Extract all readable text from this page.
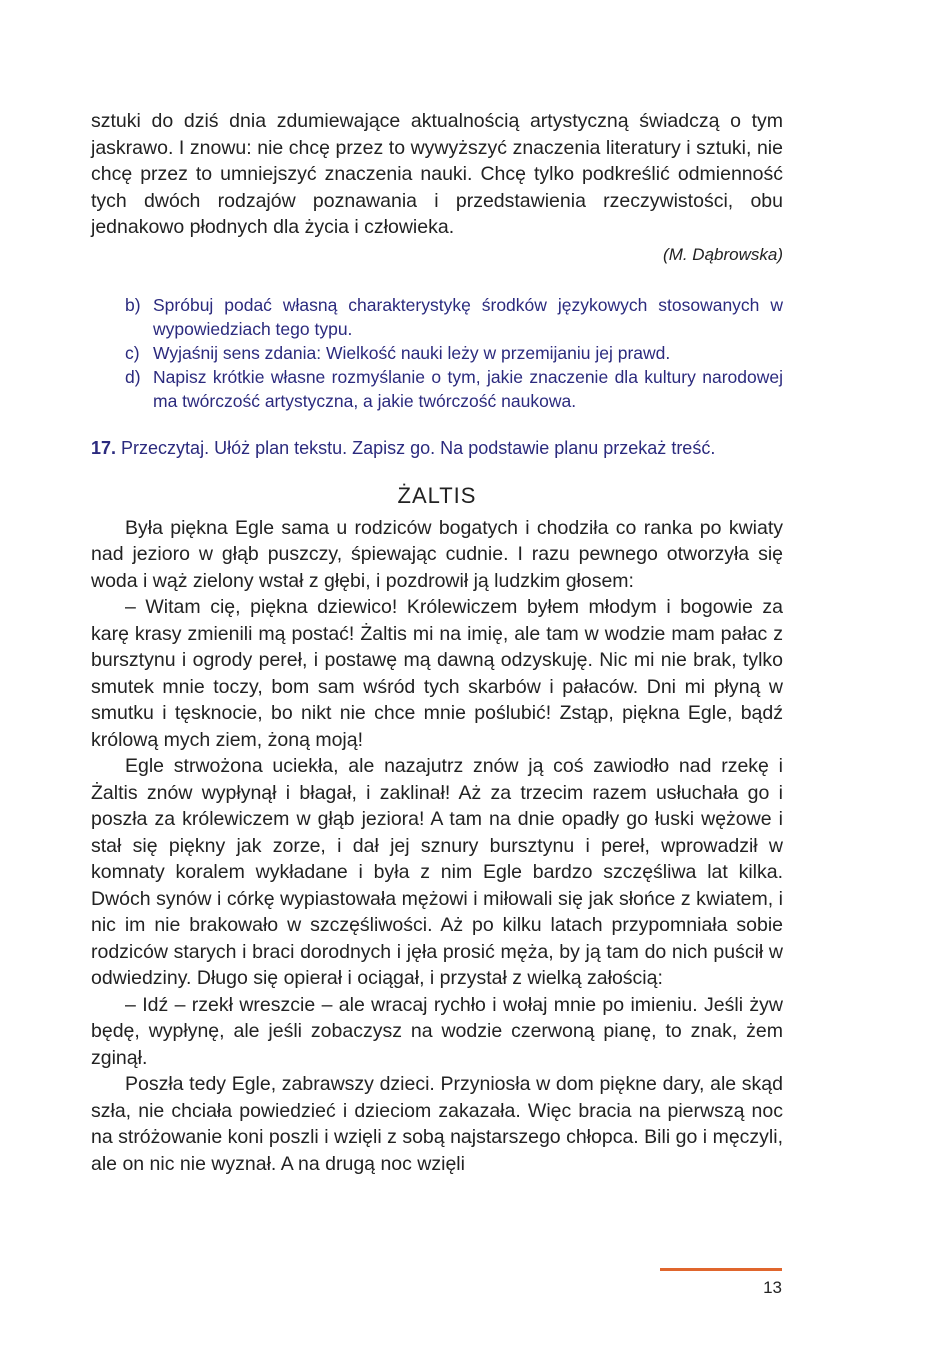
sztuki do dziś dnia zdumiewające aktualnością artystyczną świadczą o tym jaskrawo. I znowu: nie chcę przez to wywyższyć znaczenia literatury i sztuki, nie chcę przez to umniejszyć znaczenia nauki. Chcę tylko podkreślić odmienność tych dwóch rodzajów poznawania i przedstawienia rzeczywistości, obu jednakowo płodnych dla życia i człowieka.

(M. Dąbrowska)

b) Spróbuj podać własną charakterystykę środków językowych stosowanych w wypowiedziach tego typu.
c) Wyjaśnij sens zdania: Wielkość nauki leży w przemijaniu jej prawd.
d) Napisz krótkie własne rozmyślanie o tym, jakie znaczenie dla kultury narodowej ma twórczość artystyczna, a jakie twórczość naukowa.
17. Przeczytaj. Ułóż plan tekstu. Zapisz go. Na podstawie planu przekaż treść.
ŻALTIS

Była piękna Egle sama u rodziców bogatych i chodziła co ranka po kwiaty nad jezioro w głąb puszczy, śpiewając cudnie. I razu pewnego otworzyła się woda i wąż zielony wstał z głębi, i pozdrowił ją ludzkim głosem:

– Witam cię, piękna dziewico! Królewiczem byłem młodym i bogowie za karę krasy zmienili mą postać! Żaltis mi na imię, ale tam w wodzie mam pałac z bursztynu i ogrody pereł, i postawę mą dawną odzyskuję. Nic mi nie brak, tylko smutek mnie toczy, bom sam wśród tych skarbów i pałaców. Dni mi płyną w smutku i tęsknocie, bo nikt nie chce mnie poślubić! Zstąp, piękna Egle, bądź królową mych ziem, żoną moją!

Egle strwożona uciekła, ale nazajutrz znów ją coś zawiodło nad rzekę i Żaltis znów wypłynął i błagał, i zaklinał! Aż za trzecim razem usłuchała go i poszła za królewiczem w głąb jeziora! A tam na dnie opadły go łuski wężowe i stał się piękny jak zorze, i dał jej sznury bursztynu i pereł, wprowadził w komnaty koralem wykładane i była z nim Egle bardzo szczęśliwa lat kilka. Dwóch synów i córkę wypiastowała mężowi i miłowali się jak słońce z kwiatem, i nic im nie brakowało w szczęśliwości. Aż po kilku latach przypomniała sobie rodziców starych i braci dorodnych i jęła prosić męża, by ją tam do nich puścił w odwiedziny. Długo się opierał i ociągał, i przystał z wielką załością:

– Idź – rzekł wreszcie – ale wracaj rychło i wołaj mnie po imieniu. Jeśli żyw będę, wypłynę, ale jeśli zobaczysz na wodzie czerwoną pianę, to znak, żem zginął.

Poszła tedy Egle, zabrawszy dzieci. Przyniosła w dom piękne dary, ale skąd szła, nie chciała powiedzieć i dzieciom zakazała. Więc bracia na pierwszą noc na stróżowanie koni poszli i wzięli z sobą najstarszego chłopca. Bili go i męczyli, ale on nic nie wyznał. A na drugą noc wzięli

13
